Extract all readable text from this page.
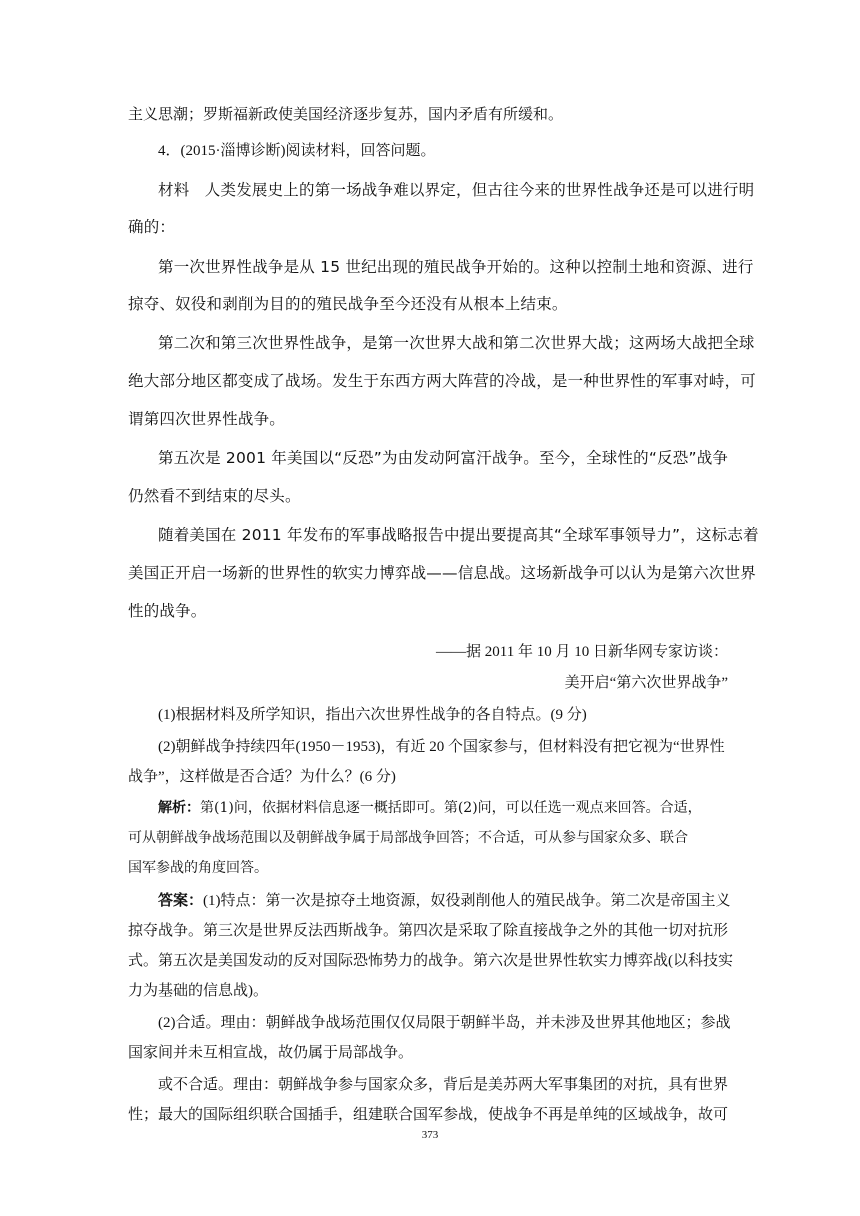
主义思潮；罗斯福新政使美国经济逐步复苏，国内矛盾有所缓和。
4．(2015·淄博诊断)阅读材料，回答问题。
材料 人类发展史上的第一场战争难以界定，但古往今来的世界性战争还是可以进行明
确的：
第一次世界性战争是从 15 世纪出现的殖民战争开始的。这种以控制土地和资源、进行
掠夺、奴役和剥削为目的的殖民战争至今还没有从根本上结束。
第二次和第三次世界性战争，是第一次世界大战和第二次世界大战；这两场大战把全球
绝大部分地区都变成了战场。发生于东西方两大阵营的冷战，是一种世界性的军事对峙，可
谓第四次世界性战争。
第五次是 2001 年美国以“反恐”为由发动阿富汗战争。至今，全球性的“反恐”战争
仍然看不到结束的尽头。
随着美国在 2011 年发布的军事战略报告中提出要提高其“全球军事领导力”，这标志着
美国正开启一场新的世界性的软实力博弈战——信息战。这场新战争可以认为是第六次世界
性的战争。
——据 2011 年 10 月 10 日新华网专家访谈：
美开启“第六次世界战争”
(1)根据材料及所学知识，指出六次世界性战争的各自特点。(9 分)
(2)朝鲜战争持续四年(1950－1953)，有近 20 个国家参与，但材料没有把它视为“世界性
战争”，这样做是否合适？为什么？(6 分)
解析：第(1)问，依据材料信息逐一概括即可。第(2)问，可以任选一观点来回答。合适，
可从朝鲜战争战场范围以及朝鲜战争属于局部战争回答；不合适，可从参与国家众多、联合
国军参战的角度回答。
答案：(1)特点：第一次是掠夺土地资源，奴役剥削他人的殖民战争。第二次是帝国主义
掠夺战争。第三次是世界反法西斯战争。第四次是采取了除直接战争之外的其他一切对抗形
式。第五次是美国发动的反对国际恐怖势力的战争。第六次是世界性软实力博弈战(以科技实
力为基础的信息战)。
(2)合适。理由：朝鲜战争战场范围仅仅局限于朝鲜半岛，并未涉及世界其他地区；参战
国家间并未互相宣战，故仍属于局部战争。
或不合适。理由：朝鲜战争参与国家众多，背后是美苏两大军事集团的对抗，具有世界
性；最大的国际组织联合国插手，组建联合国军参战，使战争不再是单纯的区域战争，故可
373
